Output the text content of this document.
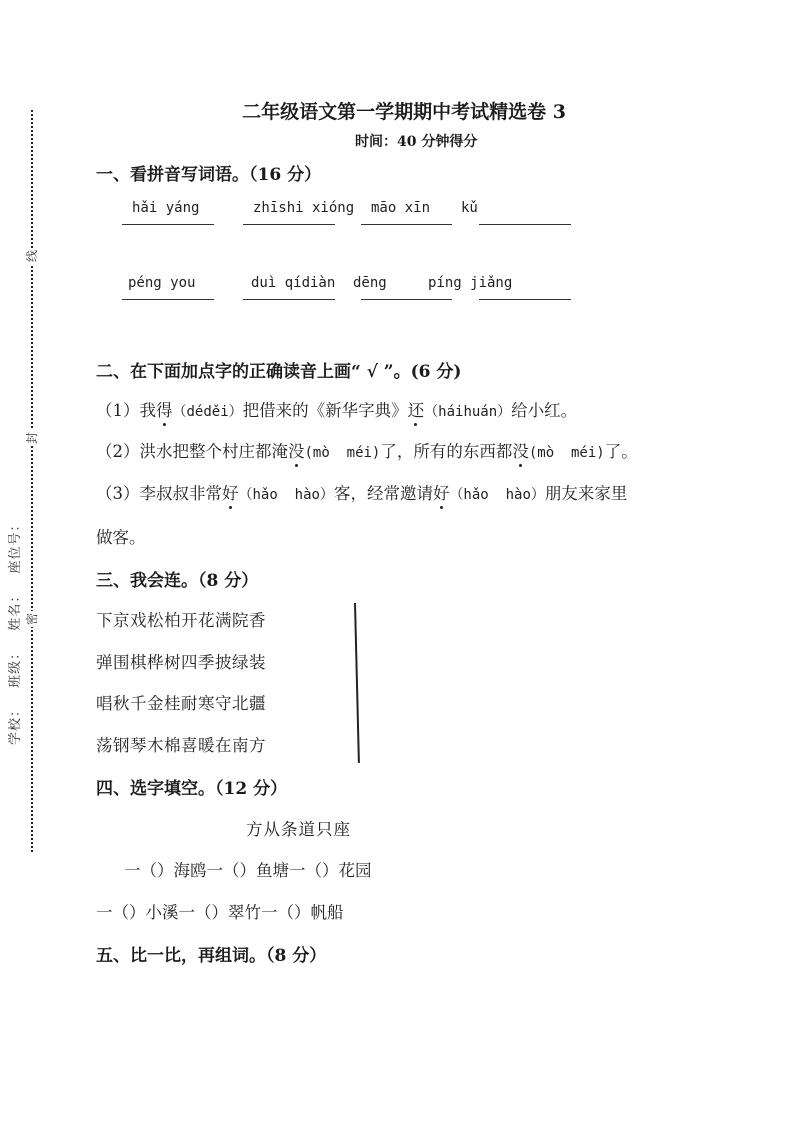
线
封
密
学校： 班级： 姓名： 座位号：
二年级语文第一学期期中考试精选卷 3
时间：40 分钟得分
一、看拼音写词语。（16 分）
hǎi yáng	zhīshi xióng māo xīn kǔ
péng you	duì qídiàn dēng	píng jiǎng
二、在下面加点字的正确读音上画“ √ ”。(6 分)
（1）我得（déděi）把借来的《新华字典》还（háihuán）给小红。
（2）洪水把整个村庄都淹没(mò  méi)了，所有的东西都没(mò  méi)了。
（3）李叔叔非常好（hǎo  hào）客，经常邀请好（hǎo  hào）朋友来家里
做客。
三、我会连。（8 分）
下京戏松柏开花满院香
弹围棋桦树四季披绿装
唱秋千金桂耐寒守北疆
荡钢琴木棉喜暖在南方
四、选字填空。（12 分）
方从条道只座
一（）海鸥一（）鱼塘一（）花园
一（）小溪一（）翠竹一（）帆船
五、比一比，再组词。（8 分）
